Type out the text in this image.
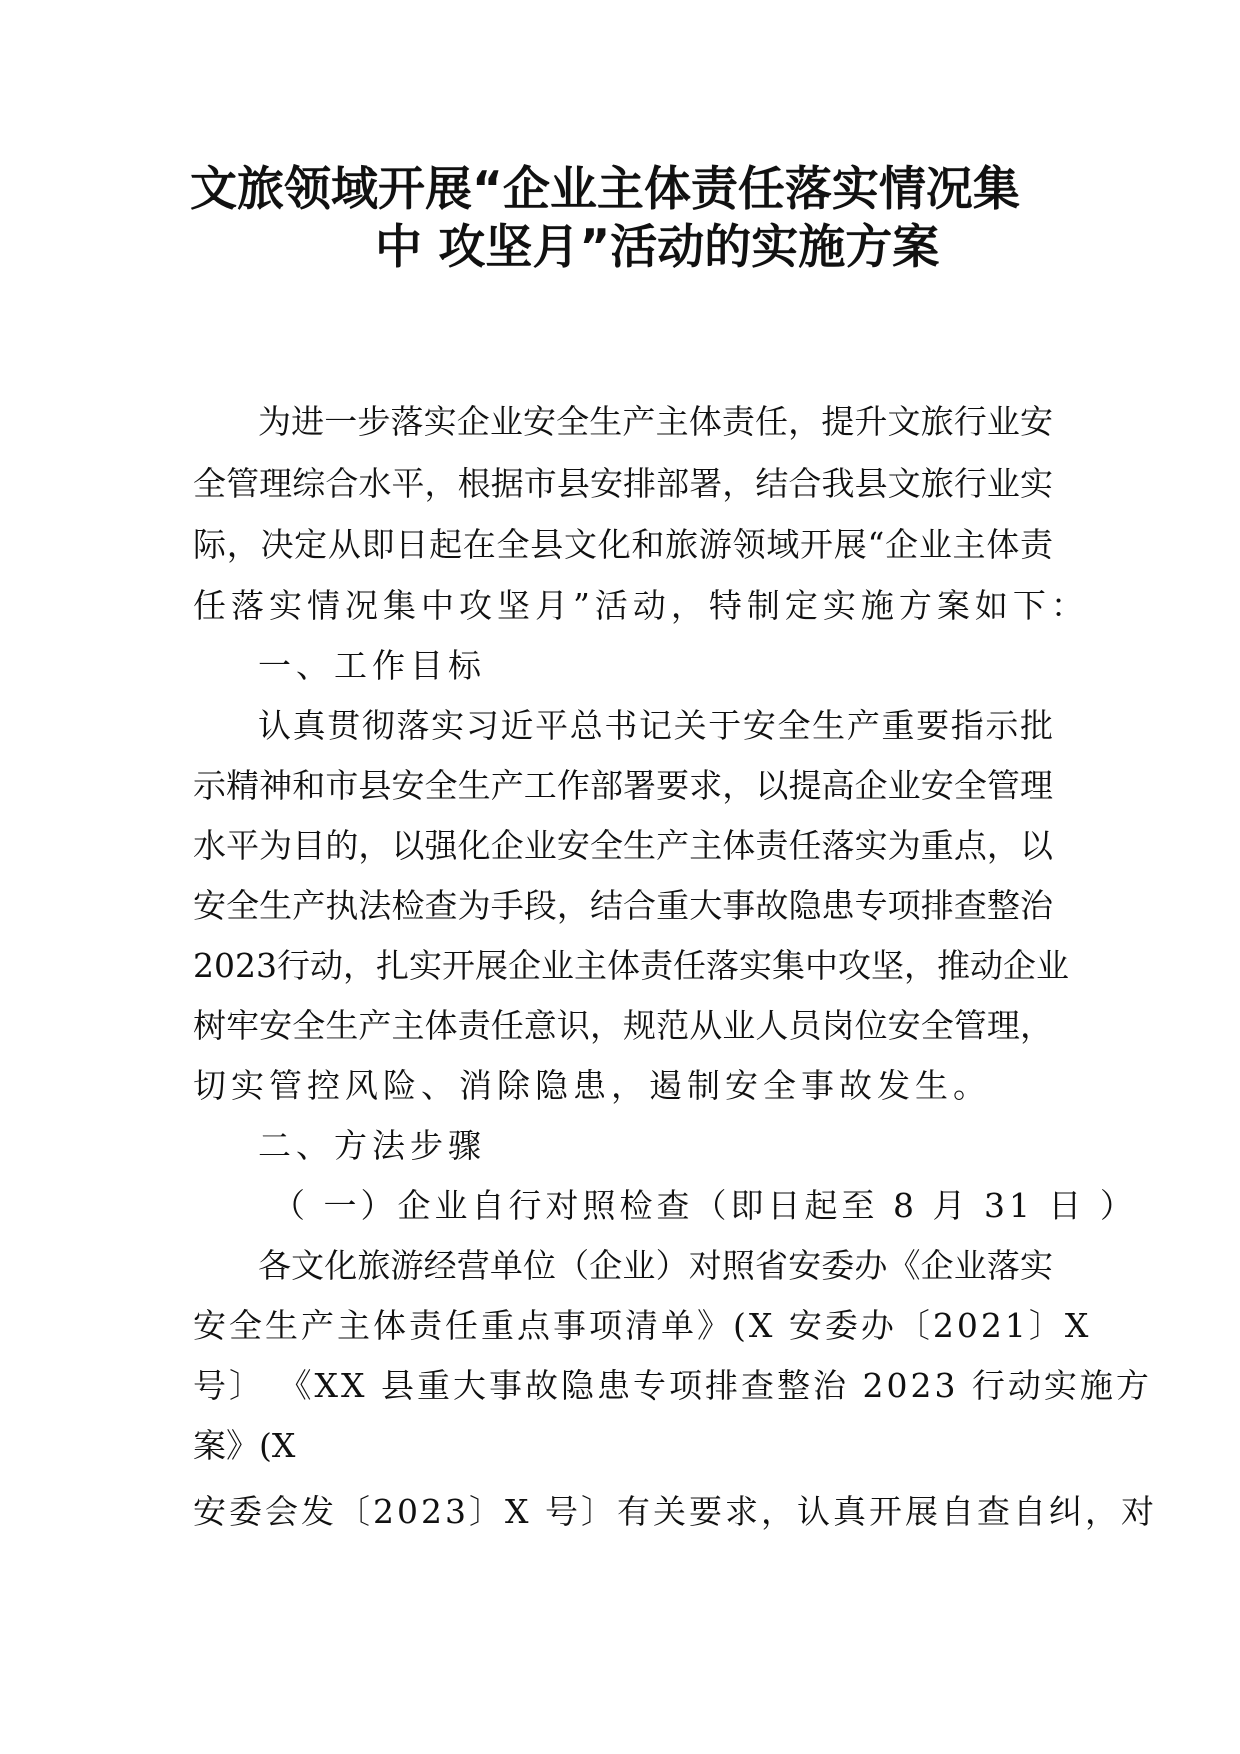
文旅领域开展“企业主体责任落实情况集
中 攻坚月”活动的实施方案
为进一步落实企业安全生产主体责任，提升文旅行业安
全管理综合水平，根据市县安排部署，结合我县文旅行业实
际，决定从即日起在全县文化和旅游领域开展“企业主体责
任落实情况集中攻坚月”活动，特制定实施方案如下：
一、工作目标
认真贯彻落实习近平总书记关于安全生产重要指示批
示精神和市县安全生产工作部署要求，以提高企业安全管理
水平为目的，以强化企业安全生产主体责任落实为重点，以
安全生产执法检查为手段，结合重大事故隐患专项排查整治
2023行动，扎实开展企业主体责任落实集中攻坚，推动企业
树牢安全生产主体责任意识，规范从业人员岗位安全管理，
切实管控风险、消除隐患，遏制安全事故发生。
二、方法步骤
（ 一）企业自行对照检查（即日起至 8 月 31 日 ）
各文化旅游经营单位（企业）对照省安委办《企业落实
安全生产主体责任重点事项清单》(X 安委办〔2021〕X
号〕 《XX 县重大事故隐患专项排查整治 2023 行动实施方
案》(X
安委会发〔2023〕X 号〕有关要求，认真开展自查自纠，对
